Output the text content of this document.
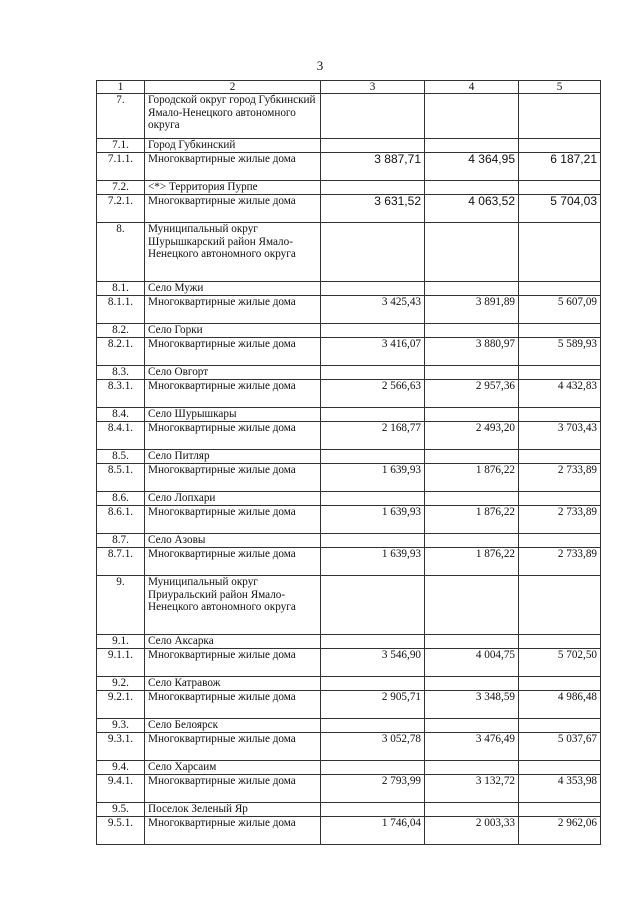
3
1	2	3	4	5
7.	Городской округ город Губкинский Ямало-Ненецкого автономного округа			
7.1.	Город Губкинский			
7.1.1.	Многоквартирные жилые дома	3 887,71	4 364,95	6 187,21
7.2.	<*> Территория Пурпе			
7.2.1.	Многоквартирные жилые дома	3 631,52	4 063,52	5 704,03
8.	Муниципальный округ Шурышкарский район Ямало-Ненецкого автономного округа			
8.1.	Село Мужи			
8.1.1.	Многоквартирные жилые дома	3 425,43	3 891,89	5 607,09
8.2.	Село Горки			
8.2.1.	Многоквартирные жилые дома	3 416,07	3 880,97	5 589,93
8.3.	Село Овгорт			
8.3.1.	Многоквартирные жилые дома	2 566,63	2 957,36	4 432,83
8.4.	Село Шурышкары			
8.4.1.	Многоквартирные жилые дома	2 168,77	2 493,20	3 703,43
8.5.	Село Питляр			
8.5.1.	Многоквартирные жилые дома	1 639,93	1 876,22	2 733,89
8.6.	Село Лопхари			
8.6.1.	Многоквартирные жилые дома	1 639,93	1 876,22	2 733,89
8.7.	Село Азовы			
8.7.1.	Многоквартирные жилые дома	1 639,93	1 876,22	2 733,89
9.	Муниципальный округ Приуральский район Ямало-Ненецкого автономного округа			
9.1.	Село Аксарка			
9.1.1.	Многоквартирные жилые дома	3 546,90	4 004,75	5 702,50
9.2.	Село Катравож			
9.2.1.	Многоквартирные жилые дома	2 905,71	3 348,59	4 986,48
9.3.	Село Белоярск			
9.3.1.	Многоквартирные жилые дома	3 052,78	3 476,49	5 037,67
9.4.	Село Харсаим			
9.4.1.	Многоквартирные жилые дома	2 793,99	3 132,72	4 353,98
9.5.	Поселок Зеленый Яр			
9.5.1.	Многоквартирные жилые дома	1 746,04	2 003,33	2 962,06
